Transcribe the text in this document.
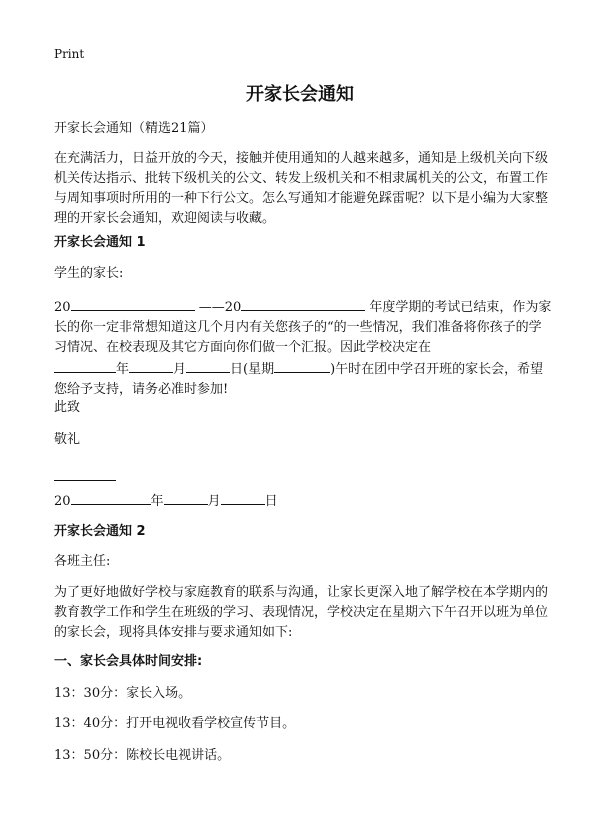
Print
开家长会通知
开家长会通知（精选21篇）
在充满活力，日益开放的今天，接触并使用通知的人越来越多，通知是上级机关向下级机关传达指示、批转下级机关的公文、转发上级机关和不相隶属机关的公文，布置工作与周知事项时所用的一种下行公文。怎么写通知才能避免踩雷呢？以下是小编为大家整理的开家长会通知，欢迎阅读与收藏。
开家长会通知 1
学生的家长:
20	——20	年度学期的考试已结束，作为家长的你一定非常想知道这几个月内有关您孩子的“的一些情况，我们准备将你孩子的学习情况、在校表现及其它方面向你们做一个汇报。因此学校决定在
年	月	日(星期	)午时在团中学召开班的家长会，希望您给予支持，请务必准时参加!
此致
敬礼
20	年	月	日
开家长会通知 2
各班主任:
为了更好地做好学校与家庭教育的联系与沟通，让家长更深入地了解学校在本学期内的教育教学工作和学生在班级的学习、表现情况，学校决定在星期六下午召开以班为单位的家长会，现将具体安排与要求通知如下:
一、家长会具体时间安排:
13：30分：家长入场。
13：40分：打开电视收看学校宣传节目。
13：50分：陈校长电视讲话。
